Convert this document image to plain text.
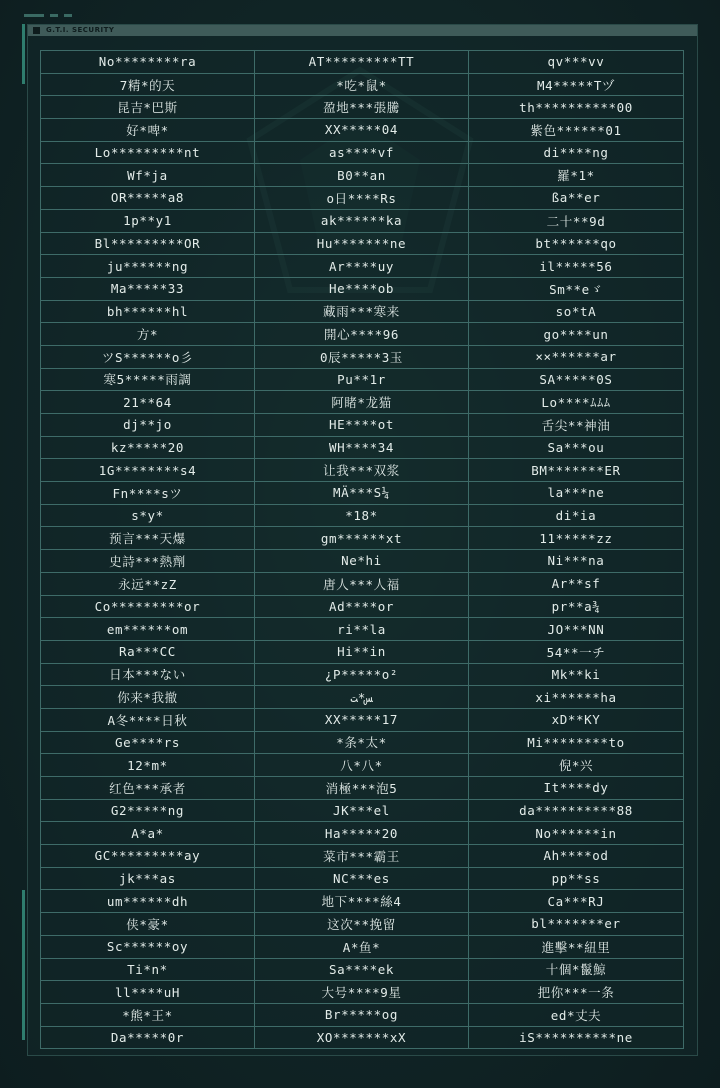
G.T.I. SECURITY
No********ra	AT*********TT	qv***vv
7精*的天	*吃*鼠*	M4*****Tヅ
昆吉*巴斯	盈地***張騰	th**********00
好*啤*	XX*****04	紫色******01
Lo*********nt	as****vf	di****ng
Wf*ja	B0**an	羅*1*
OR*****a8	o日****Rs	ßa**er
1p**y1	ak******ka	二十**9d
Bl*********OR	Hu*******ne	bt******qo
ju******ng	Ar****uy	il*****56
Ma*****33	He****ob	Sm**eゞ
bh******hl	藏雨***寒来	so*tA
方*	開心****96	go****un
ツS******o彡	0辰*****3玉	××******ar
寒5*****雨調	Pu**1r	SA*****0S
21**64	阿睹*龙猫	Lo****ﾑﾑﾑ
dj**jo	HE****ot	舌尖**神油
kz*****20	WH****34	Sa***ou
1G********s4	让我***双浆	BM*******ER
Fn****sツ	MÄ***S¼	la***ne
s*y*	*18*	di*ia
预言***天爆	gm******xt	11*****zz
史詩***熱劑	Ne*hi	Ni***na
永远**zZ	唐人***人福	Ar**sf
Co*********or	Ad****or	pr**a¾
em******om	ri**la	JO***NN
Ra***CC	Hi**in	54**一チ
日本***ない	¿P*****o²	Mk**ki
你来*我撤	ﺲ*ﺖ	xi******ha
A冬****日秋	XX*****17	xD**KY
Ge****rs	*条*太*	Mi********to
12*m*	八*八*	倪*兴
红色***承者	消極***泡5	It****dy
G2*****ng	JK***el	da**********88
A*a*	Ha*****20	No******in
GC*********ay	菜市***霸王	Ah****od
jk***as	NC***es	pp**ss
um******dh	地下****絲4	Ca***RJ
侠*豪*	这次**挽留	bl*******er
Sc******oy	A*鱼*	進擊**紐里
Ti*n*	Sa****ek	十個*鬣鯨
ll****uH	大号****9星	把你***一条
*熊*王*	Br*****og	ed*丈夫
Da*****0r	XO*******xX	iS**********ne
